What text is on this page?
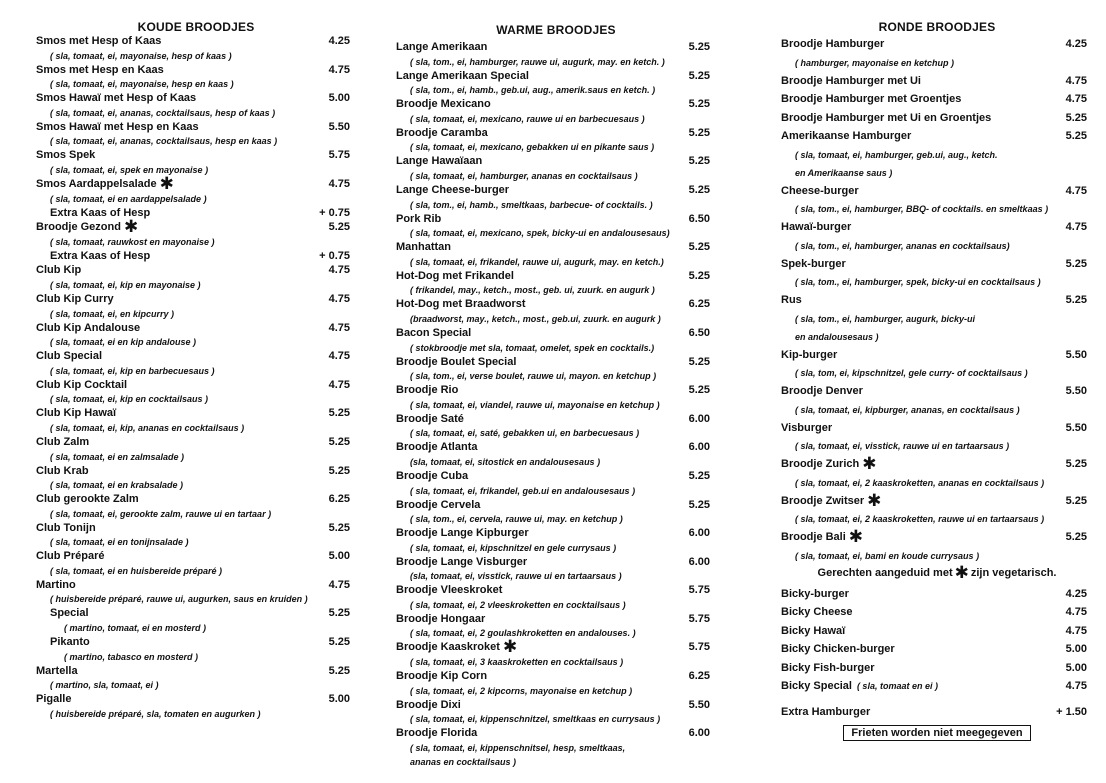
KOUDE BROODJES
Smos met Hesp of Kaas	4.25
( sla, tomaat, ei, mayonaise, hesp of kaas )
Smos met Hesp en Kaas	4.75
( sla, tomaat, ei, mayonaise, hesp en kaas )
Smos Hawaï met Hesp of Kaas	5.00
( sla, tomaat, ei, ananas, cocktailsaus, hesp of kaas )
Smos Hawaï met Hesp en Kaas	5.50
( sla, tomaat, ei, ananas, cocktailsaus, hesp en kaas )
Smos Spek	5.75
( sla, tomaat, ei, spek en mayonaise )
Smos Aardappelsalade ✱	4.75
( sla, tomaat, ei en aardappelsalade )
Extra Kaas of Hesp	+ 0.75
Broodje Gezond ✱	5.25
( sla, tomaat, rauwkost en mayonaise )
Extra Kaas of Hesp	+ 0.75
Club Kip	4.75
( sla, tomaat, ei, kip en mayonaise )
Club Kip Curry	4.75
( sla, tomaat, ei, en kipcurry )
Club Kip Andalouse	4.75
( sla, tomaat, ei en kip andalouse )
Club Special	4.75
( sla, tomaat, ei, kip en barbecuesaus )
Club Kip Cocktail	4.75
( sla, tomaat, ei, kip en cocktailsaus )
Club Kip Hawaï	5.25
( sla, tomaat, ei, kip, ananas en cocktailsaus )
Club Zalm	5.25
( sla, tomaat, ei en zalmsalade )
Club Krab	5.25
( sla, tomaat, ei en krabsalade )
Club gerookte Zalm	6.25
( sla, tomaat, ei, gerookte zalm, rauwe ui en tartaar )
Club Tonijn	5.25
( sla, tomaat, ei en tonijnsalade )
Club Préparé	5.00
( sla, tomaat, ei en huisbereide préparé )
Martino	4.75
( huisbereide préparé, rauwe ui, augurken, saus en kruiden )
Special	5.25
( martino, tomaat, ei en mosterd )
Pikanto	5.25
( martino, tabasco en mosterd )
Martella	5.25
( martino, sla, tomaat, ei )
Pigalle	5.00
( huisbereide préparé, sla, tomaten en augurken )
WARME BROODJES
Lange Amerikaan	5.25
( sla, tom., ei, hamburger, rauwe ui, augurk, may. en ketch. )
Lange Amerikaan Special	5.25
( sla, tom., ei, hamb., geb.ui, aug., amerik.saus en ketch. )
Broodje Mexicano	5.25
( sla, tomaat, ei, mexicano, rauwe ui en barbecuesaus )
Broodje Caramba	5.25
( sla, tomaat, ei, mexicano, gebakken ui en pikante saus )
Lange Hawaïaan	5.25
( sla, tomaat, ei, hamburger, ananas en cocktailsaus )
Lange Cheese-burger	5.25
( sla, tom., ei, hamb., smeltkaas, barbecue- of cocktails. )
Pork Rib	6.50
( sla, tomaat, ei, mexicano, spek, bicky-ui en andalousesaus)
Manhattan	5.25
( sla, tomaat, ei, frikandel, rauwe ui, augurk, may. en ketch.)
Hot-Dog met Frikandel	5.25
( frikandel, may., ketch., most., geb. ui, zuurk. en augurk )
Hot-Dog met Braadworst	6.25
(braadworst, may., ketch., most., geb.ui, zuurk. en augurk )
Bacon Special	6.50
( stokbroodje met sla, tomaat, omelet, spek en cocktails.)
Broodje Boulet Special	5.25
( sla, tom., ei, verse boulet, rauwe ui, mayon. en ketchup )
Broodje Rio	5.25
( sla, tomaat, ei, viandel, rauwe ui, mayonaise en ketchup )
Broodje Saté	6.00
( sla, tomaat, ei, saté, gebakken ui, en barbecuesaus )
Broodje Atlanta	6.00
(sla, tomaat, ei, sitostick en andalousesaus )
Broodje Cuba	5.25
( sla, tomaat, ei, frikandel, geb.ui en andalousesaus )
Broodje Cervela	5.25
( sla, tom., ei, cervela, rauwe ui, may. en ketchup )
Broodje Lange Kipburger	6.00
( sla, tomaat, ei, kipschnitzel en gele currysaus )
Broodje Lange Visburger	6.00
(sla, tomaat, ei, visstick, rauwe ui en tartaarsaus )
Broodje Vleeskroket	5.75
( sla, tomaat, ei, 2 vleeskroketten en cocktailsaus )
Broodje Hongaar	5.75
( sla, tomaat, ei, 2 goulashkroketten en andalouses. )
Broodje Kaaskroket ✱	5.75
( sla, tomaat, ei, 3 kaaskroketten en cocktailsaus )
Broodje Kip Corn	6.25
( sla, tomaat, ei, 2 kipcorns, mayonaise en ketchup )
Broodje Dixi	5.50
( sla, tomaat, ei, kippenschnitzel, smeltkaas en currysaus )
Broodje Florida	6.00
( sla, tomaat, ei, kippenschnitsel, hesp, smeltkaas,
ananas en cocktailsaus )
RONDE BROODJES
Broodje Hamburger	4.25
( hamburger, mayonaise en ketchup )
Broodje Hamburger met Ui	4.75
Broodje Hamburger met Groentjes	4.75
Broodje Hamburger met Ui en Groentjes	5.25
Amerikaanse Hamburger	5.25
( sla, tomaat, ei, hamburger, geb.ui, aug., ketch.
en Amerikaanse saus )
Cheese-burger	4.75
( sla, tom., ei, hamburger, BBQ- of cocktails. en smeltkaas )
Hawaï-burger	4.75
( sla, tom., ei, hamburger, ananas en cocktailsaus)
Spek-burger	5.25
( sla, tom., ei, hamburger, spek, bicky-ui en cocktailsaus )
Rus	5.25
( sla, tom., ei, hamburger, augurk, bicky-ui
en andalousesaus )
Kip-burger	5.50
( sla, tom, ei, kipschnitzel, gele curry- of cocktailsaus )
Broodje Denver	5.50
( sla, tomaat, ei, kipburger, ananas, en cocktailsaus )
Visburger	5.50
( sla, tomaat, ei, visstick, rauwe ui en tartaarsaus )
Broodje Zurich ✱	5.25
( sla, tomaat, ei, 2 kaaskroketten, ananas en cocktailsaus )
Broodje Zwitser ✱	5.25
( sla, tomaat, ei, 2 kaaskroketten, rauwe ui en tartaarsaus )
Broodje Bali ✱	5.25
( sla, tomaat, ei, bami en koude currysaus )
Gerechten aangeduid met ✱ zijn vegetarisch.
Bicky-burger	4.25
Bicky Cheese	4.75
Bicky Hawaï	4.75
Bicky Chicken-burger	5.00
Bicky Fish-burger	5.00
Bicky Special ( sla, tomaat en ei )	4.75
Extra Hamburger	+ 1.50
Frieten worden niet meegegeven
